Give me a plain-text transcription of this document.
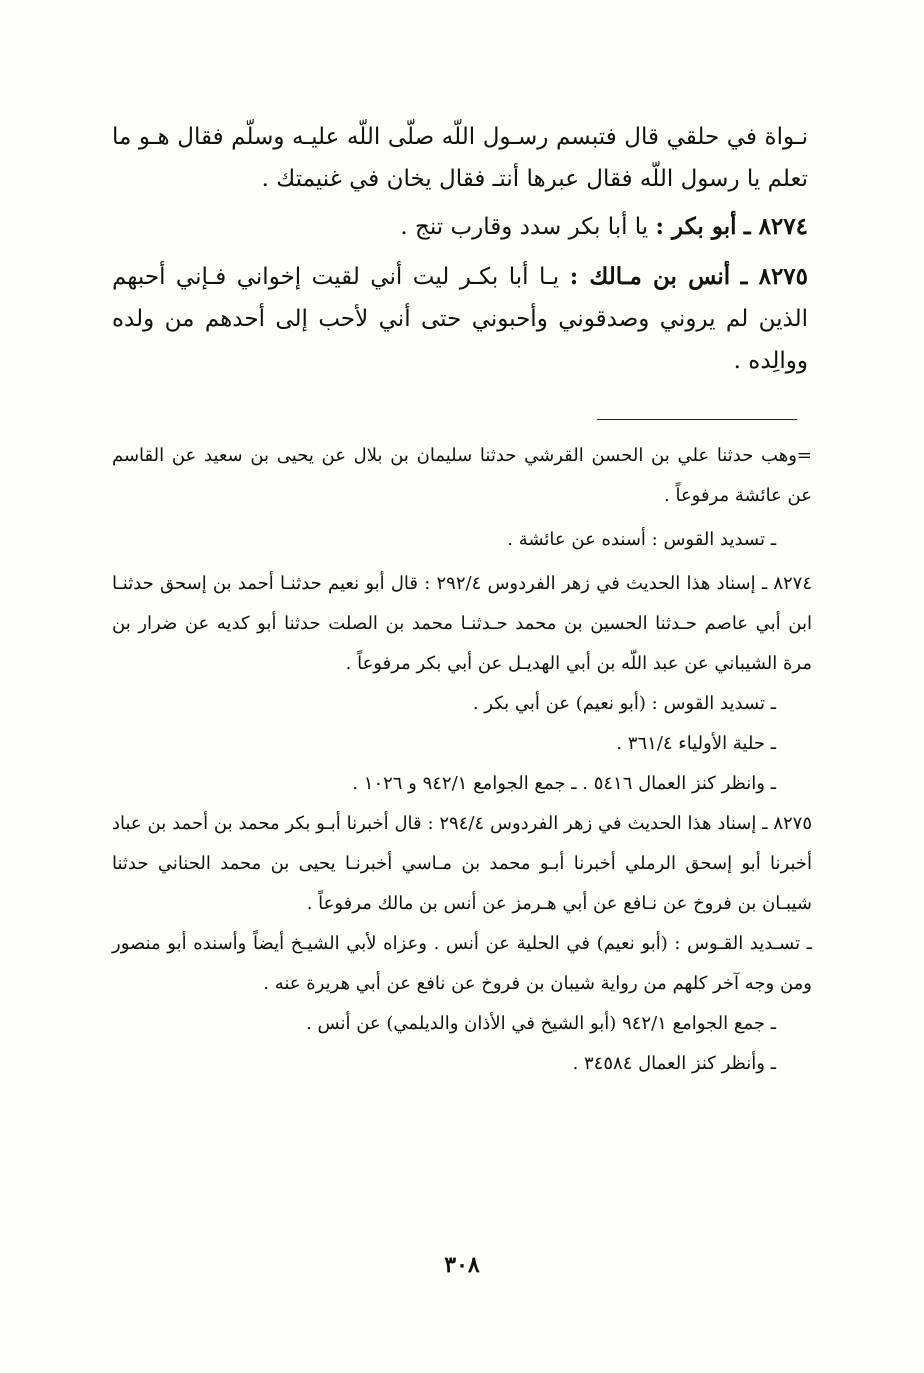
نـواة في حلقي قال فتبسم رسـول اللّه صلّى اللّه عليـه وسلّم فقال هـو ما تعلم يا رسول اللّه فقال عبرها أنتـ فقال يخان في غنيمتك .

٨٢٧٤ ـ أبو بكر : يا أبا بكر سدد وقارب تنج .

٨٢٧٥ ـ أنس بن مـالك : يـا أبا بكـر ليت أني لقيت إخواني فـإني أحبهم الذين لم يروني وصدقوني وأحبوني حتى أني لأحب إلى أحدهم من ولده ووالِده .

=وهب حدثنا علي بن الحسن القرشي حدثنا سليمان بن بلال عن يحيى بن سعيد عن القاسم عن عائشة مرفوعاً .

ـ تسديد القوس : أسنده عن عائشة .

٨٢٧٤ ـ إسناد هذا الحديث في زهر الفردوس ٢٩٢/٤ : قال أبو نعيم حدثنـا أحمد بن إسحق حدثنـا ابن أبي عاصم حـدثنا الحسين بن محمد حـدثنـا محمد بن الصلت حدثنا أبو كديه عن ضرار بن مرة الشيباني عن عبد اللّه بن أبي الهديـل عن أبي بكر مرفوعاً .

ـ تسديد القوس : (أبو نعيم) عن أبي بكر .

ـ حلية الأولياء ٣٦١/٤ .

ـ وانظر كنز العمال ٥٤١٦ . ـ جمع الجوامع ٩٤٢/١ و ١٠٢٦ .

٨٢٧٥ ـ إسناد هذا الحديث في زهر الفردوس ٢٩٤/٤ : قال أخبرنا أبـو بكر محمد بن أحمد بن عباد أخبرنا أبو إسحق الرملي أخبرنا أبـو محمد بن مـاسي أخبرنـا يحيى بن محمد الحناني حدثنا شيبـان بن فروخ عن نـافع عن أبي هـرمز عن أنس بن مالك مرفوعاً .

ـ تسـديد القـوس : (أبو نعيم) في الحلية عن أنس . وعزاه لأبي الشيـخ أيضاً وأسنده أبو منصور ومن وجه آخر كلهم من رواية شيبان بن فروخ عن نافع عن أبي هريرة عنه .

ـ جمع الجوامع ٩٤٢/١ (أبو الشيخ في الأذان والديلمي) عن أنس .

ـ وأنظر كنز العمال ٣٤٥٨٤ .

٣٠٨
